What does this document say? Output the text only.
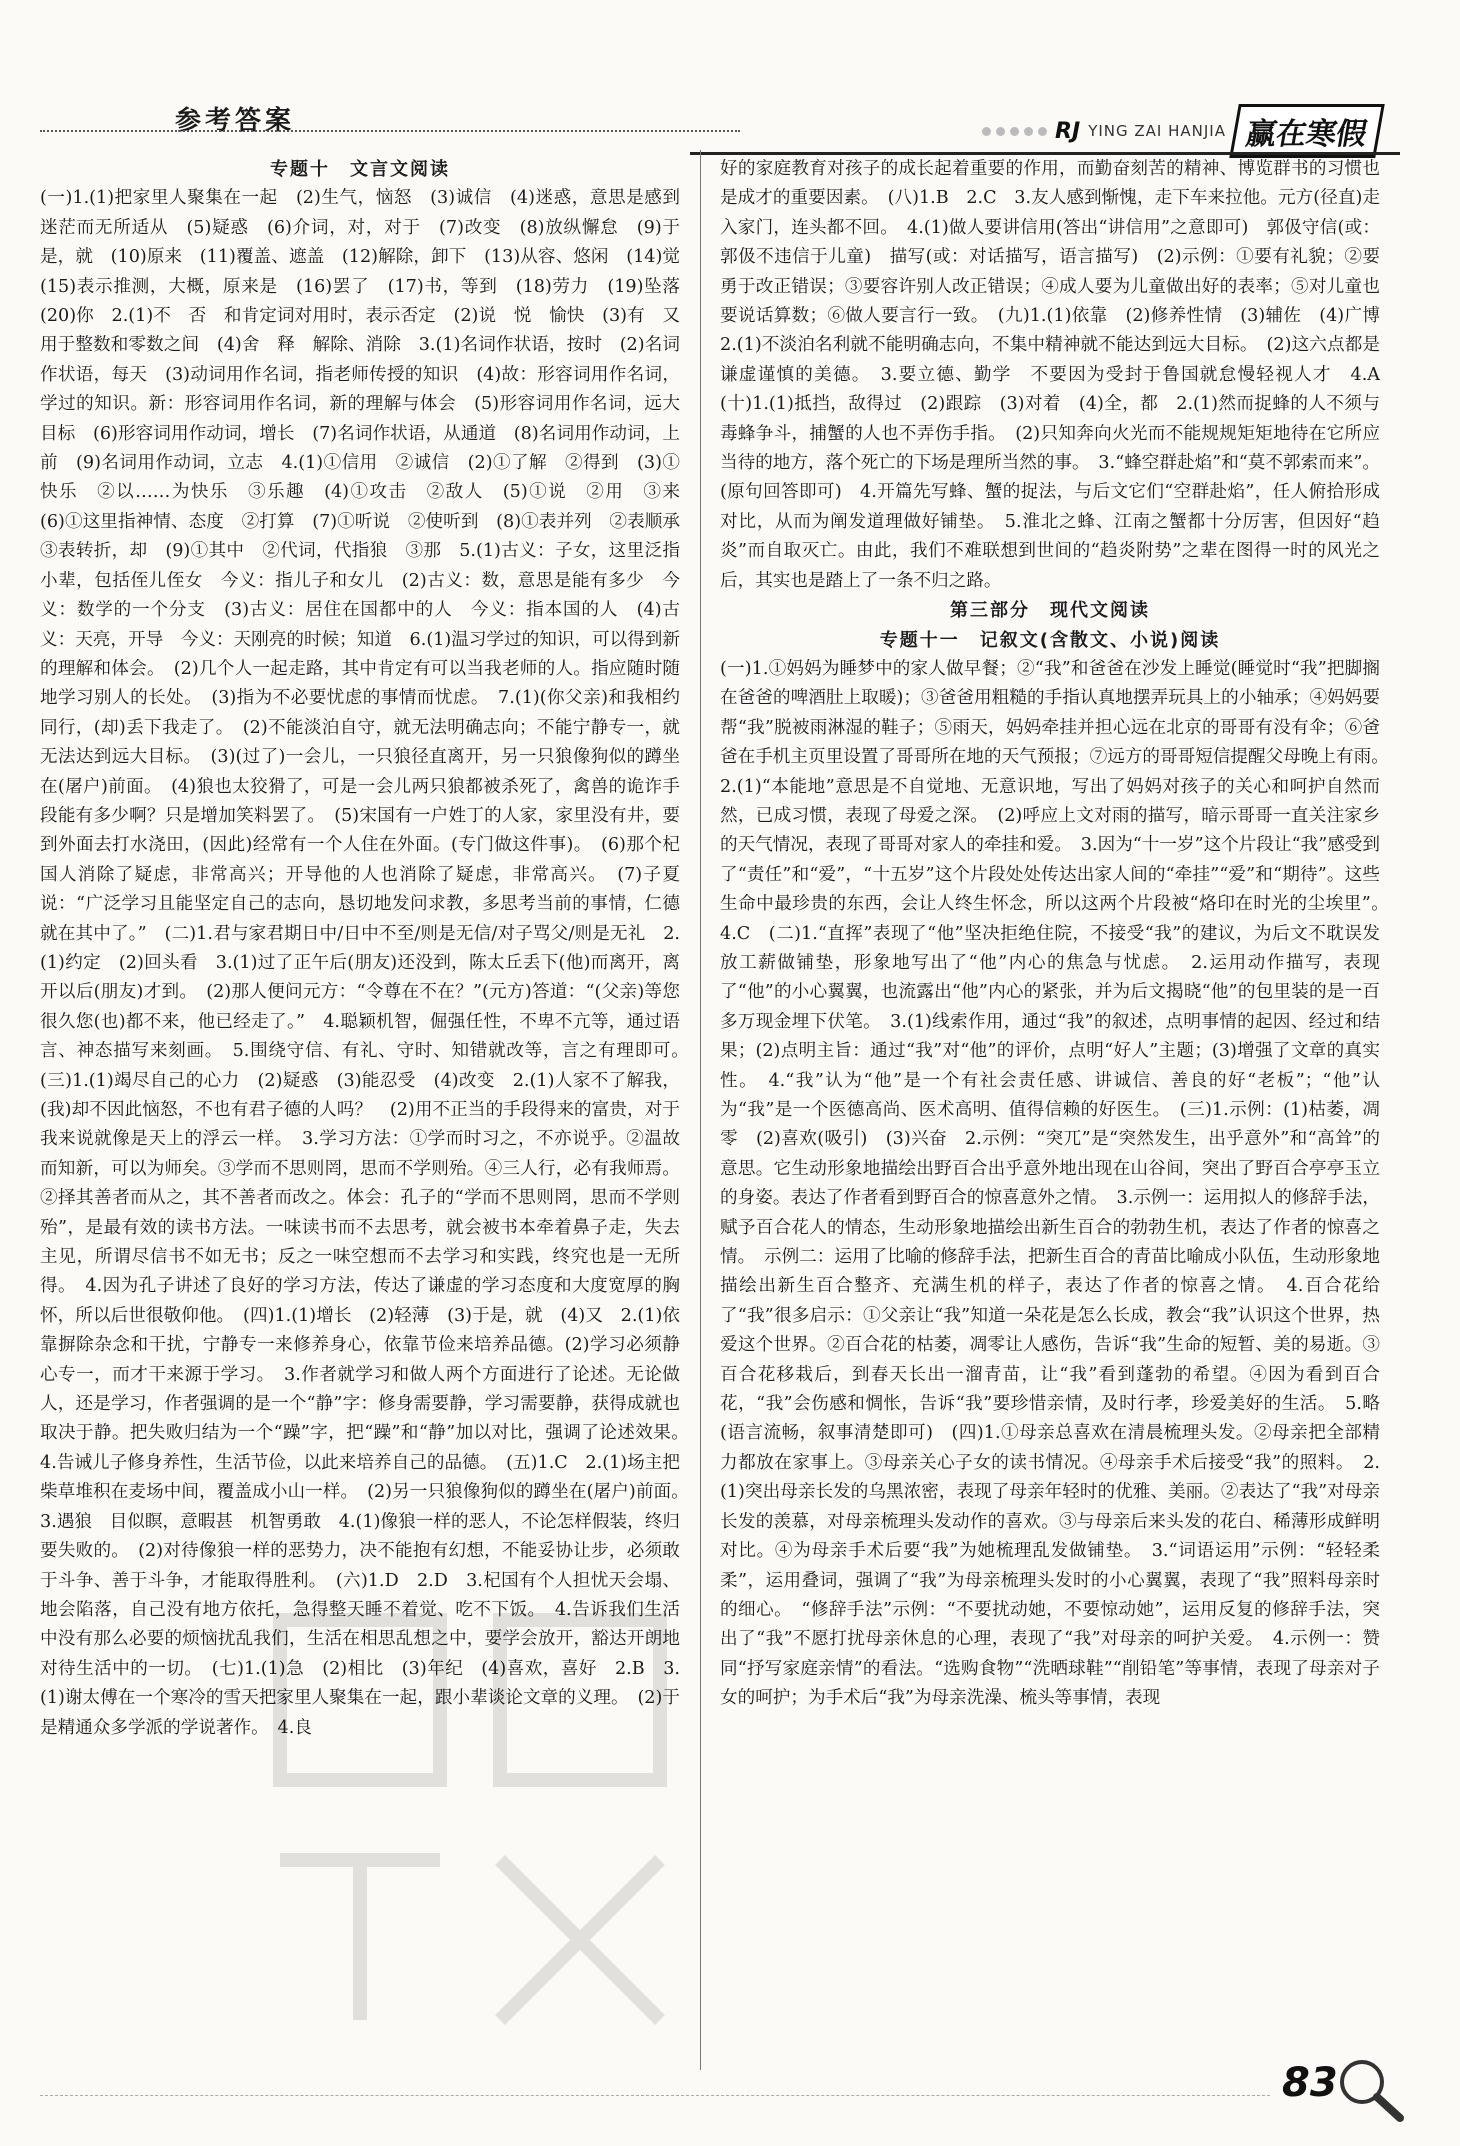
参考答案	RJ YING ZAI HANJIA 赢在寒假
专题十　文言文阅读

(一)1.(1)把家里人聚集在一起　(2)生气，恼怒　(3)诚信　(4)迷惑，意思是感到迷茫而无所适从　(5)疑惑　(6)介词，对，对于　(7)改变　(8)放纵懈怠　(9)于是，就　(10)原来　(11)覆盖、遮盖　(12)解除，卸下　(13)从容、悠闲　(14)觉　(15)表示推测，大概，原来是　(16)罢了　(17)书，等到　(18)劳力　(19)坠落　(20)你　2.(1)不　否　和肯定词对用时，表示否定　(2)说　悦　愉快　(3)有　又　用于整数和零数之间　(4)舍　释　解除、消除　3.(1)名词作状语，按时　(2)名词作状语，每天　(3)动词用作名词，指老师传授的知识　(4)故：形容词用作名词，学过的知识。新：形容词用作名词，新的理解与体会　(5)形容词用作名词，远大目标　(6)形容词用作动词，增长　(7)名词作状语，从通道　(8)名词用作动词，上前　(9)名词用作动词，立志　4.(1)①信用　②诚信　(2)①了解　②得到　(3)①快乐　②以……为快乐　③乐趣　(4)①攻击　②敌人　(5)①说　②用　③来　(6)①这里指神情、态度　②打算　(7)①听说　②使听到　(8)①表并列　②表顺承　③表转折，却　(9)①其中　②代词，代指狼　③那　5.(1)古义：子女，这里泛指小辈，包括侄儿侄女　今义：指儿子和女儿　(2)古义：数，意思是能有多少　今义：数学的一个分支　(3)古义：居住在国都中的人　今义：指本国的人　(4)古义：天亮，开导　今义：天刚亮的时候；知道　6.(1)温习学过的知识，可以得到新的理解和体会。　(2)几个人一起走路，其中肯定有可以当我老师的人。指应随时随地学习别人的长处。　(3)指为不必要忧虑的事情而忧虑。　7.(1)(你父亲)和我相约同行，(却)丢下我走了。　(2)不能淡泊自守，就无法明确志向；不能宁静专一，就无法达到远大目标。　(3)(过了)一会儿，一只狼径直离开，另一只狼像狗似的蹲坐在(屠户)前面。　(4)狼也太狡猾了，可是一会儿两只狼都被杀死了，禽兽的诡诈手段能有多少啊？只是增加笑料罢了。　(5)宋国有一户姓丁的人家，家里没有井，要到外面去打水浇田，(因此)经常有一个人住在外面。(专门做这件事)。　(6)那个杞国人消除了疑虑，非常高兴；开导他的人也消除了疑虑，非常高兴。　(7)子夏说：“广泛学习且能坚定自己的志向，恳切地发问求教，多思考当前的事情，仁德就在其中了。”　(二)1.君与家君期日中/日中不至/则是无信/对子骂父/则是无礼　2.(1)约定　(2)回头看　3.(1)过了正午后(朋友)还没到，陈太丘丢下(他)而离开，离开以后(朋友)才到。　(2)那人便问元方：“令尊在不在？”(元方)答道：“(父亲)等您很久您(也)都不来，他已经走了。”　4.聪颖机智，倔强任性，不卑不亢等，通过语言、神态描写来刻画。　5.围绕守信、有礼、守时、知错就改等，言之有理即可。　(三)1.(1)竭尽自己的心力　(2)疑惑　(3)能忍受　(4)改变　2.(1)人家不了解我，(我)却不因此恼怒，不也有君子德的人吗？　(2)用不正当的手段得来的富贵，对于我来说就像是天上的浮云一样。　3.学习方法：①学而时习之，不亦说乎。②温故而知新，可以为师矣。③学而不思则罔，思而不学则殆。④三人行，必有我师焉。②择其善者而从之，其不善者而改之。体会：孔子的“学而不思则罔，思而不学则殆”，是最有效的读书方法。一味读书而不去思考，就会被书本牵着鼻子走，失去主见，所谓尽信书不如无书；反之一味空想而不去学习和实践，终究也是一无所得。　4.因为孔子讲述了良好的学习方法，传达了谦虚的学习态度和大度宽厚的胸怀，所以后世很敬仰他。　(四)1.(1)增长　(2)轻薄　(3)于是，就　(4)又　2.(1)依靠摒除杂念和干扰，宁静专一来修养身心，依靠节俭来培养品德。(2)学习必须静心专一，而才干来源于学习。　3.作者就学习和做人两个方面进行了论述。无论做人，还是学习，作者强调的是一个“静”字：修身需要静，学习需要静，获得成就也取决于静。把失败归结为一个“躁”字，把“躁”和“静”加以对比，强调了论述效果。　4.告诫儿子修身养性，生活节俭，以此来培养自己的品德。　(五)1.C　2.(1)场主把柴草堆积在麦场中间，覆盖成小山一样。　(2)另一只狼像狗似的蹲坐在(屠户)前面。　3.遇狼　目似瞑，意暇甚　机智勇敢　4.(1)像狼一样的恶人，不论怎样假装，终归要失败的。　(2)对待像狼一样的恶势力，决不能抱有幻想，不能妥协让步，必须敢于斗争、善于斗争，才能取得胜利。　(六)1.D　2.D　3.杞国有个人担忧天会塌、地会陷落，自己没有地方依托，急得整天睡不着觉、吃不下饭。　4.告诉我们生活中没有那么必要的烦恼扰乱我们，生活在相思乱想之中，要学会放开，豁达开朗地对待生活中的一切。　(七)1.(1)急　(2)相比　(3)年纪　(4)喜欢，喜好　2.B　3.(1)谢太傅在一个寒冷的雪天把家里人聚集在一起，跟小辈谈论文章的义理。　(2)于是精通众多学派的学说著作。　4.良

好的家庭教育对孩子的成长起着重要的作用，而勤奋刻苦的精神、博览群书的习惯也是成才的重要因素。　(八)1.B　2.C　3.友人感到惭愧，走下车来拉他。元方(径直)走入家门，连头都不回。　4.(1)做人要讲信用(答出“讲信用”之意即可)　郭伋守信(或：郭伋不违信于儿童)　描写(或：对话描写，语言描写)　(2)示例：①要有礼貌；②要勇于改正错误；③要容许别人改正错误；④成人要为儿童做出好的表率；⑤对儿童也要说话算数；⑥做人要言行一致。　(九)1.(1)依靠　(2)修养性情　(3)辅佐　(4)广博　2.(1)不淡泊名利就不能明确志向，不集中精神就不能达到远大目标。　(2)这六点都是谦虚谨慎的美德。　3.要立德、勤学　不要因为受封于鲁国就怠慢轻视人才　4.A　(十)1.(1)抵挡，敌得过　(2)跟踪　(3)对着　(4)全，都　2.(1)然而捉蜂的人不须与毒蜂争斗，捕蟹的人也不弄伤手指。　(2)只知奔向火光而不能规规矩矩地待在它所应当待的地方，落个死亡的下场是理所当然的事。　3.“蜂空群赴焰”和“莫不郭索而来”。(原句回答即可)　4.开篇先写蜂、蟹的捉法，与后文它们“空群赴焰”，任人俯拾形成对比，从而为阐发道理做好铺垫。　5.淮北之蜂、江南之蟹都十分厉害，但因好“趋炎”而自取灭亡。由此，我们不难联想到世间的“趋炎附势”之辈在图得一时的风光之后，其实也是踏上了一条不归之路。

第三部分　现代文阅读
专题十一　记叙文(含散文、小说)阅读

(一)1.①妈妈为睡梦中的家人做早餐；②“我”和爸爸在沙发上睡觉(睡觉时“我”把脚搁在爸爸的啤酒肚上取暖)；③爸爸用粗糙的手指认真地摆弄玩具上的小轴承；④妈妈要帮“我”脱被雨淋湿的鞋子；⑤雨天，妈妈牵挂并担心远在北京的哥哥有没有伞；⑥爸爸在手机主页里设置了哥哥所在地的天气预报；⑦远方的哥哥短信提醒父母晚上有雨。　2.(1)“本能地”意思是不自觉地、无意识地，写出了妈妈对孩子的关心和呵护自然而然，已成习惯，表现了母爱之深。　(2)呼应上文对雨的描写，暗示哥哥一直关注家乡的天气情况，表现了哥哥对家人的牵挂和爱。　3.因为“十一岁”这个片段让“我”感受到了“责任”和“爱”，“十五岁”这个片段处处传达出家人间的“牵挂”“爱”和“期待”。这些生命中最珍贵的东西，会让人终生怀念，所以这两个片段被“烙印在时光的尘埃里”。　4.C　(二)1.“直挥”表现了“他”坚决拒绝住院，不接受“我”的建议，为后文不耽误发放工薪做铺垫，形象地写出了“他”内心的焦急与忧虑。　2.运用动作描写，表现了“他”的小心翼翼，也流露出“他”内心的紧张，并为后文揭晓“他”的包里装的是一百多万现金埋下伏笔。　3.(1)线索作用，通过“我”的叙述，点明事情的起因、经过和结果；(2)点明主旨：通过“我”对“他”的评价，点明“好人”主题；(3)增强了文章的真实性。　4.“我”认为“他”是一个有社会责任感、讲诚信、善良的好“老板”；“他”认为“我”是一个医德高尚、医术高明、值得信赖的好医生。　(三)1.示例：(1)枯萎，凋零　(2)喜欢(吸引)　(3)兴奋　2.示例：“突兀”是“突然发生，出乎意外”和“高耸”的意思。它生动形象地描绘出野百合出乎意外地出现在山谷间，突出了野百合亭亭玉立的身姿。表达了作者看到野百合的惊喜意外之情。　3.示例一：运用拟人的修辞手法，赋予百合花人的情态，生动形象地描绘出新生百合的勃勃生机，表达了作者的惊喜之情。　示例二：运用了比喻的修辞手法，把新生百合的青苗比喻成小队伍，生动形象地描绘出新生百合整齐、充满生机的样子，表达了作者的惊喜之情。　4.百合花给了“我”很多启示：①父亲让“我”知道一朵花是怎么长成，教会“我”认识这个世界，热爱这个世界。②百合花的枯萎，凋零让人感伤，告诉“我”生命的短暂、美的易逝。③百合花移栽后，到春天长出一溜青苗，让“我”看到蓬勃的希望。④因为看到百合花，“我”会伤感和惆怅，告诉“我”要珍惜亲情，及时行孝，珍爱美好的生活。　5.略(语言流畅，叙事清楚即可)　(四)1.①母亲总喜欢在清晨梳理头发。②母亲把全部精力都放在家事上。③母亲关心子女的读书情况。④母亲手术后接受“我”的照料。　2.(1)突出母亲长发的乌黑浓密，表现了母亲年轻时的优雅、美丽。②表达了“我”对母亲长发的羡慕，对母亲梳理头发动作的喜欢。③与母亲后来头发的花白、稀薄形成鲜明对比。④为母亲手术后要“我”为她梳理乱发做铺垫。　3.“词语运用”示例：“轻轻柔柔”，运用叠词，强调了“我”为母亲梳理头发时的小心翼翼，表现了“我”照料母亲时的细心。　“修辞手法”示例：“不要扰动她，不要惊动她”，运用反复的修辞手法，突出了“我”不愿打扰母亲休息的心理，表现了“我”对母亲的呵护关爱。　4.示例一：赞同“抒写家庭亲情”的看法。“选购食物”“洗晒球鞋”“削铅笔”等事情，表现了母亲对子女的呵护；为手术后“我”为母亲洗澡、梳头等事情，表现

83
